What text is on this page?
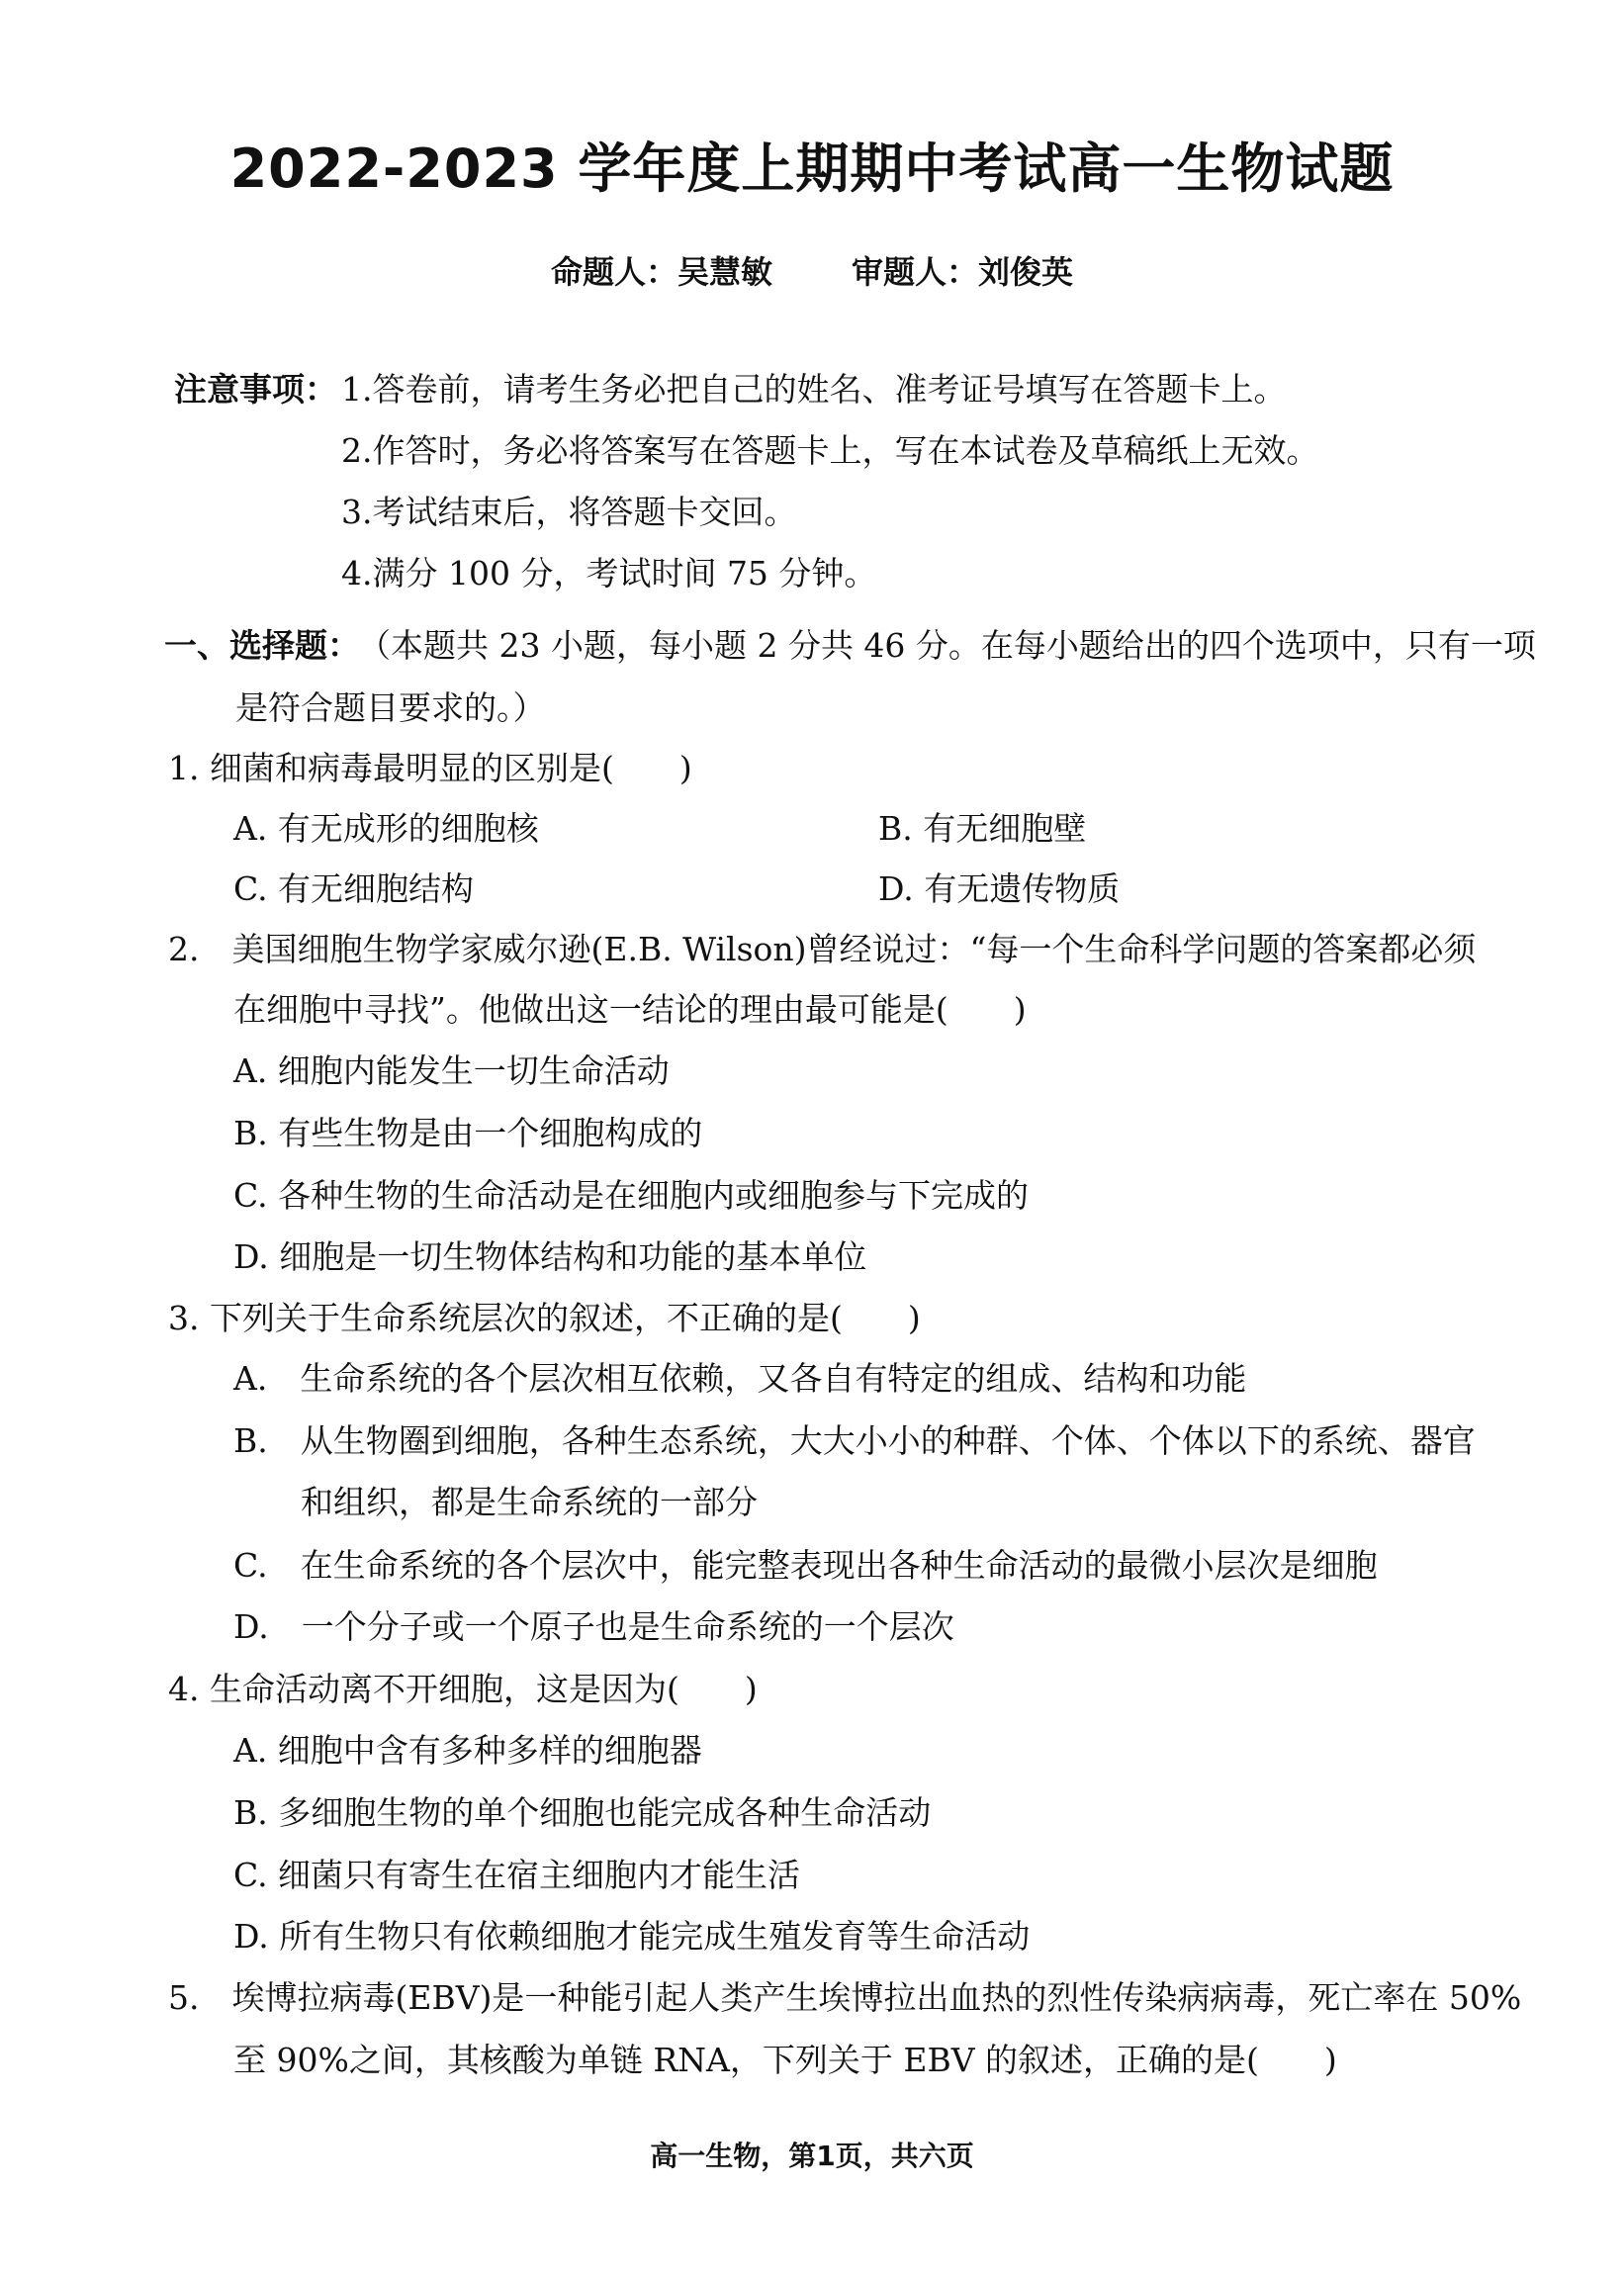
2022-2023 学年度上期期中考试高一生物试题
命题人：吴慧敏	审题人：刘俊英
注意事项： 1.答卷前，请考生务必把自己的姓名、准考证号填写在答题卡上。
2.作答时，务必将答案写在答题卡上，写在本试卷及草稿纸上无效。
3.考试结束后，将答题卡交回。
4.满分 100 分，考试时间 75 分钟。
一、选择题：
（本题共 23 小题，每小题 2 分共 46 分。在每小题给出的四个选项中，只有一项
是符合题目要求的。）
1. 细菌和病毒最明显的区别是(　　)
A. 有无成形的细胞核	B. 有无细胞壁
C. 有无细胞结构	D. 有无遗传物质
2.　美国细胞生物学家威尔逊(E.B. Wilson)曾经说过：“每一个生命科学问题的答案都必须
在细胞中寻找”。他做出这一结论的理由最可能是(　　)
A. 细胞内能发生一切生命活动
B. 有些生物是由一个细胞构成的
C. 各种生物的生命活动是在细胞内或细胞参与下完成的
D. 细胞是一切生物体结构和功能的基本单位
3. 下列关于生命系统层次的叙述，不正确的是(　　)
A.　生命系统的各个层次相互依赖，又各自有特定的组成、结构和功能
B.　从生物圈到细胞，各种生态系统，大大小小的种群、个体、个体以下的系统、器官
和组织，都是生命系统的一部分
C.　在生命系统的各个层次中，能完整表现出各种生命活动的最微小层次是细胞
D.　一个分子或一个原子也是生命系统的一个层次
4. 生命活动离不开细胞，这是因为(　　)
A. 细胞中含有多种多样的细胞器
B. 多细胞生物的单个细胞也能完成各种生命活动
C. 细菌只有寄生在宿主细胞内才能生活
D. 所有生物只有依赖细胞才能完成生殖发育等生命活动
5.　埃博拉病毒(EBV)是一种能引起人类产生埃博拉出血热的烈性传染病病毒，死亡率在 50%
至 90%之间，其核酸为单链 RNA，下列关于 EBV 的叙述，正确的是(　　)
高一生物，第1页，共六页
